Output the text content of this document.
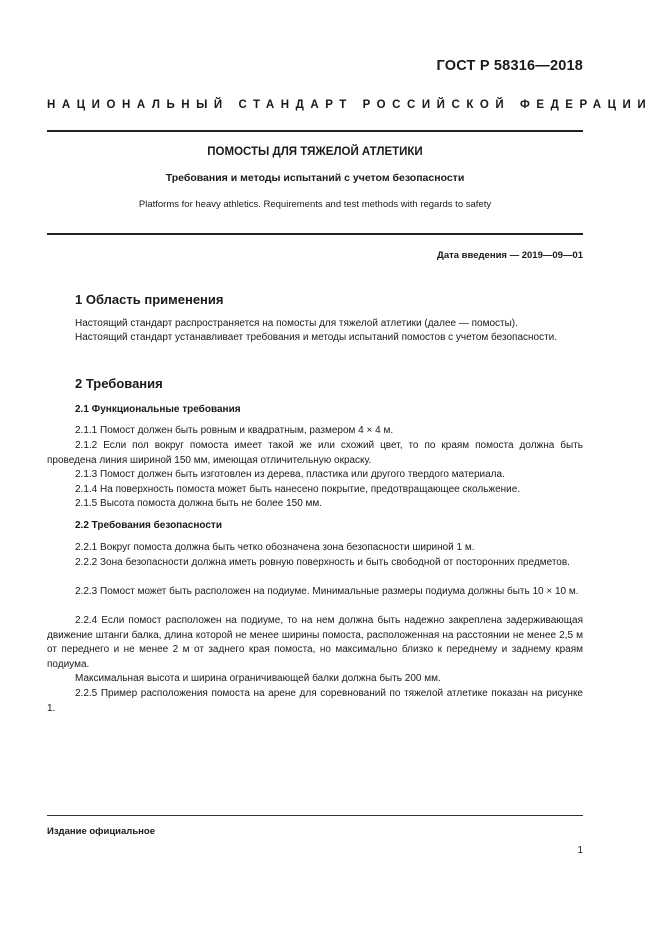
ГОСТ Р 58316—2018
НАЦИОНАЛЬНЫЙ СТАНДАРТ РОССИЙСКОЙ ФЕДЕРАЦИИ
ПОМОСТЫ ДЛЯ ТЯЖЕЛОЙ АТЛЕТИКИ
Требования и методы испытаний с учетом безопасности
Platforms for heavy athletics. Requirements and test methods with regards to safety
Дата введения — 2019—09—01
1 Область применения

Настоящий стандарт распространяется на помосты для тяжелой атлетики (далее — помосты).

Настоящий стандарт устанавливает требования и методы испытаний помостов с учетом безопасности.

2 Требования
2.1 Функциональные требования

2.1.1 Помост должен быть ровным и квадратным, размером 4 × 4 м.

2.1.2 Если пол вокруг помоста имеет такой же или схожий цвет, то по краям помоста должна быть проведена линия шириной 150 мм, имеющая отличительную окраску.

2.1.3 Помост должен быть изготовлен из дерева, пластика или другого твердого материала.

2.1.4 На поверхность помоста может быть нанесено покрытие, предотвращающее скольжение.

2.1.5 Высота помоста должна быть не более 150 мм.

2.2 Требования безопасности

2.2.1 Вокруг помоста должна быть четко обозначена зона безопасности шириной 1 м.

2.2.2 Зона безопасности должна иметь ровную поверхность и быть свободной от посторонних предметов.

2.2.3 Помост может быть расположен на подиуме. Минимальные размеры подиума должны быть 10 × 10 м.

2.2.4 Если помост расположен на подиуме, то на нем должна быть надежно закреплена задерживающая движение штанги балка, длина которой не менее ширины помоста, расположенная на расстоянии не менее 2,5 м от переднего и не менее 2 м от заднего края помоста, но максимально близко к переднему и заднему краям подиума.

Максимальная высота и ширина ограничивающей балки должна быть 200 мм.

2.2.5 Пример расположения помоста на арене для соревнований по тяжелой атлетике показан на рисунке 1.

Издание официальное
1
